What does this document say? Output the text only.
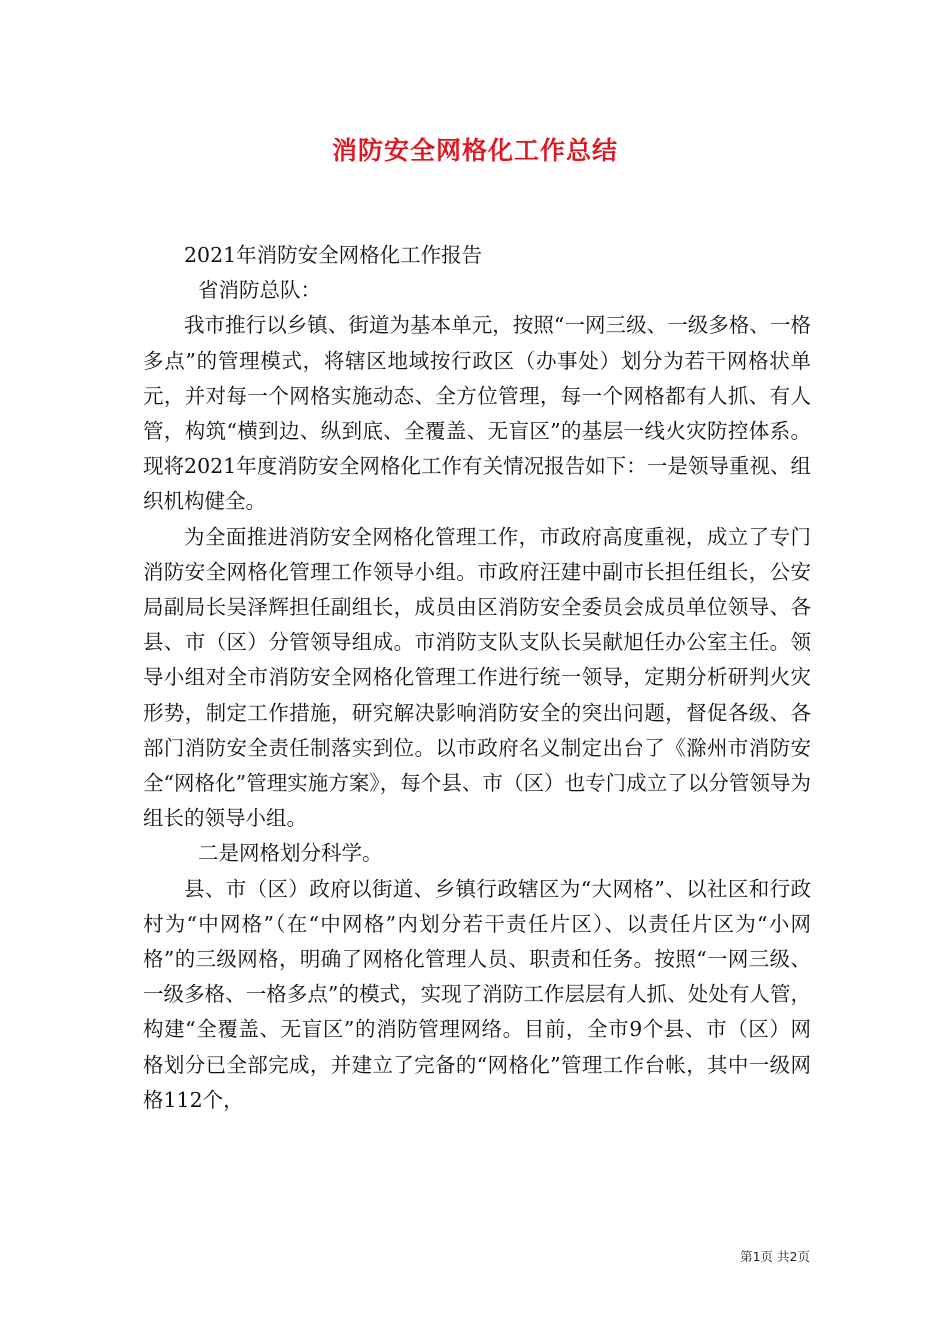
消防安全网格化工作总结

2021年消防安全网格化工作报告

省消防总队：

我市推行以乡镇、街道为基本单元，按照“一网三级、一级多格、一格多点”的管理模式，将辖区地域按行政区（办事处）划分为若干网格状单元，并对每一个网格实施动态、全方位管理，每一个网格都有人抓、有人管，构筑“横到边、纵到底、全覆盖、无盲区”的基层一线火灾防控体系。现将2021年度消防安全网格化工作有关情况报告如下：一是领导重视、组织机构健全。

为全面推进消防安全网格化管理工作，市政府高度重视，成立了专门消防安全网格化管理工作领导小组。市政府汪建中副市长担任组长，公安局副局长吴泽辉担任副组长，成员由区消防安全委员会成员单位领导、各县、市（区）分管领导组成。市消防支队支队长吴献旭任办公室主任。领导小组对全市消防安全网格化管理工作进行统一领导，定期分析研判火灾形势，制定工作措施，研究解决影响消防安全的突出问题，督促各级、各部门消防安全责任制落实到位。以市政府名义制定出台了《滁州市消防安全“网格化”管理实施方案》，每个县、市（区）也专门成立了以分管领导为组长的领导小组。

二是网格划分科学。

县、市（区）政府以街道、乡镇行政辖区为“大网格”、以社区和行政村为“中网格”（在“中网格”内划分若干责任片区）、以责任片区为“小网格”的三级网格，明确了网格化管理人员、职责和任务。按照“一网三级、一级多格、一格多点”的模式，实现了消防工作层层有人抓、处处有人管，构建“全覆盖、无盲区”的消防管理网络。目前，全市9个县、市（区）网格划分已全部完成，并建立了完备的“网格化”管理工作台帐，其中一级网格112个，

第1页 共2页
